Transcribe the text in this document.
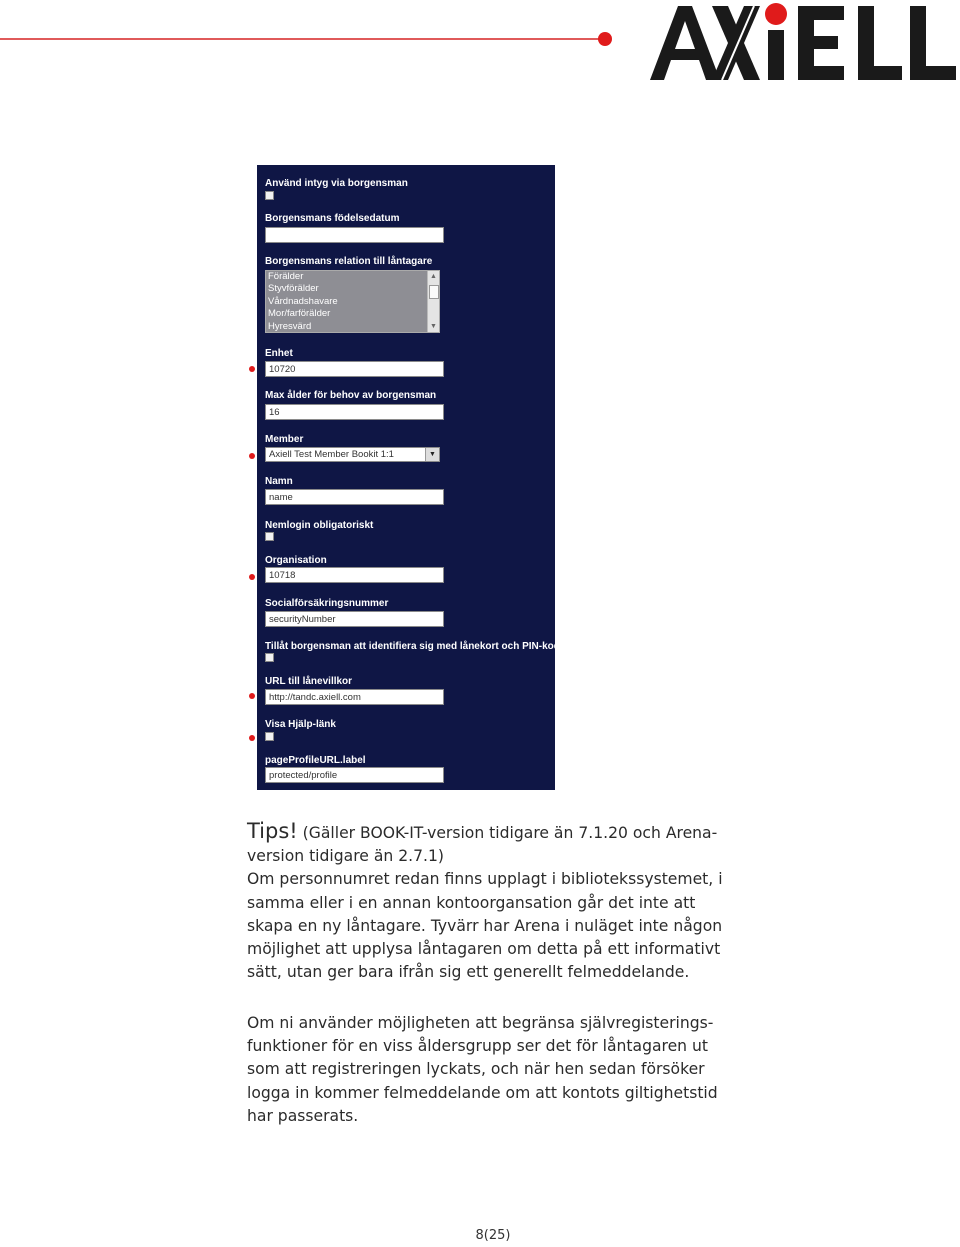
Använd intyg via borgensman
Borgensmans födelsedatum
Borgensmans relation till låntagare
Förälder
Styvförälder
Vårdnadshavare
Mor/farförälder
Hyresvärd
▲
▼
Enhet
10720
Max ålder för behov av borgensman
16
Member
Axiell Test Member Bookit 1:1	▼
Namn
name
Nemlogin obligatoriskt
Organisation
10718
Socialförsäkringsnummer
securityNumber
Tillåt borgensman att identifiera sig med lånekort och PIN-kod
URL till lånevillkor
http://tandc.axiell.com
Visa Hjälp-länk
pageProfileURL.label
protected/profile
Tips! (Gäller BOOK-IT-version tidigare än 7.1.20 och Arena-
version tidigare än 2.7.1)
Om personnumret redan finns upplagt i bibliotekssystemet, i
samma eller i en annan kontoorgansation går det inte att
skapa en ny låntagare. Tyvärr har Arena i nuläget inte någon
möjlighet att upplysa låntagaren om detta på ett informativt
sätt, utan ger bara ifrån sig ett generellt felmeddelande.
Om ni använder möjligheten att begränsa självregisterings-
funktioner för en viss åldersgrupp ser det för låntagaren ut
som att registreringen lyckats, och när hen sedan försöker
logga in kommer felmeddelande om att kontots giltighetstid
har passerats.
8(25)
